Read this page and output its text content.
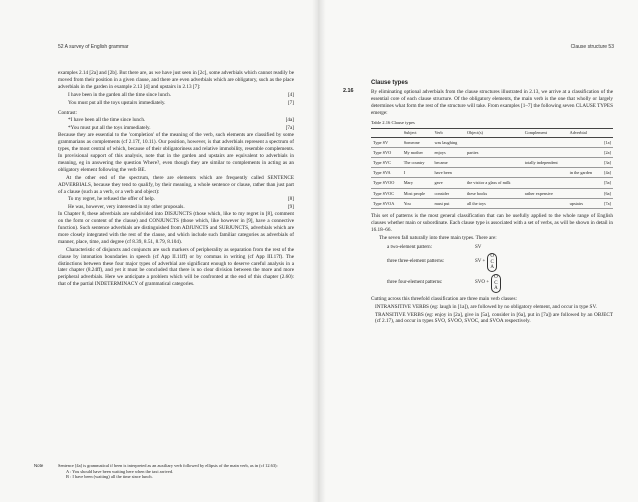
52 A survey of English grammar

examples 2.14 [2a] and [2b]. But there are, as we have just seen in [2c], some adverbials which cannot readily be moved from their position in a given clause, and there are even adverbials which are obligatory, such as the place adverbials in the garden in example 2.13 [4] and upstairs in 2.13 [7]:

I have been in the garden all the time since lunch.	[4]
You must put all the toys upstairs immediately.	[7]
Contrast:
*I have been all the time since lunch.	[4a]
*You must put all the toys immediately.	[7a]

Because they are essential to the 'completion' of the meaning of the verb, such elements are classified by some grammarians as complements (cf 2.17f, 10.11). Our position, however, is that adverbials represent a spectrum of types, the most central of which, because of their obligatoriness and relative immobility, resemble complements. In provisional support of this analysis, note that in the garden and upstairs are equivalent to adverbials in meaning, eg in answering the question Where?, even though they are similar to complements in acting as an obligatory element following the verb BE.

At the other end of the spectrum, there are elements which are frequently called SENTENCE ADVERBIALS, because they tend to qualify, by their meaning, a whole sentence or clause, rather than just part of a clause (such as a verb, or a verb and object):

To my regret, he refused the offer of help.	[8]
He was, however, very interested in my other proposals.	[9]

In Chapter 8, these adverbials are subdivided into DISJUNCTS (those which, like to my regret in [8], comment on the form or content of the clause) and CONJUNCTS (those which, like however in [9], have a connective function). Such sentence adverbials are distinguished from ADJUNCTS and SUBJUNCTS, adverbials which are more closely integrated with the rest of the clause, and which include such familiar categories as adverbials of manner, place, time, and degree (cf 8.39, 8.51, 8.79, 8.104).

Characteristic of disjuncts and conjuncts are such markers of peripherality as separation from the rest of the clause by intonation boundaries in speech (cf App II.11ff) or by commas in writing (cf App III.17f). The distinctions between these four major types of adverbial are significant enough to deserve careful analysis in a later chapter (8.24ff), and yet it must be concluded that there is no clear division between the more and more peripheral adverbials. Here we anticipate a problem which will be confronted at the end of this chapter (2.60): that of the partial INDETERMINACY of grammatical categories.

Note	Sentence [4a] is grammatical if been is interpreted as an auxiliary verb followed by ellipsis of the main verb, as in (cf 12.63):
A : You should have been waiting here when the taxi arrived.
B : I have been (waiting) all the time since lunch.
Clause structure 53
2.16
Clause types

By eliminating optional adverbials from the clause structures illustrated in 2.13, we arrive at a classification of the essential core of each clause structure. Of the obligatory elements, the main verb is the one that wholly or largely determines what form the rest of the structure will take. From examples [1–7] the following seven CLAUSE TYPES emerge:

Table 2.16 Clause types
	Subject	Verb	Object(s)	Complement	Adverbial	
Type SV	Someone	was laughing				[1a]
Type SVO	My mother	enjoys	parties			[2a]
Type SVC	The country	became		totally independent		[3a]
Type SVA	I	have been			in the garden	[4a]
Type SVOO	Mary	gave	the visitor a glass of milk			[5a]
Type SVOC	Most people	consider	these books	rather expensive		[6a]
Type SVOA	You	must put	all the toys		upstairs	[7a]

This set of patterns is the most general classification that can be usefully applied to the whole range of English clauses whether main or subordinate. Each clause type is associated with a set of verbs, as will be shown in detail in 16.18–66.

The seven fall naturally into three main types. There are:

a two-element pattern:	SV
three three-element patterns:	SV +
O
C
A
three four-element patterns:	SVO +
O
C
A

Cutting across this threefold classification are three main verb classes:

INTRANSITIVE VERBS (eg: laugh in [1a]), are followed by no obligatory element, and occur in type SV.
TRANSITIVE VERBS (eg: enjoy in [2a], give in [5a], consider in [6a], put in [7a]) are followed by an OBJECT (cf 2.17), and occur in types SVO, SVOO, SVOC, and SVOA respectively.
